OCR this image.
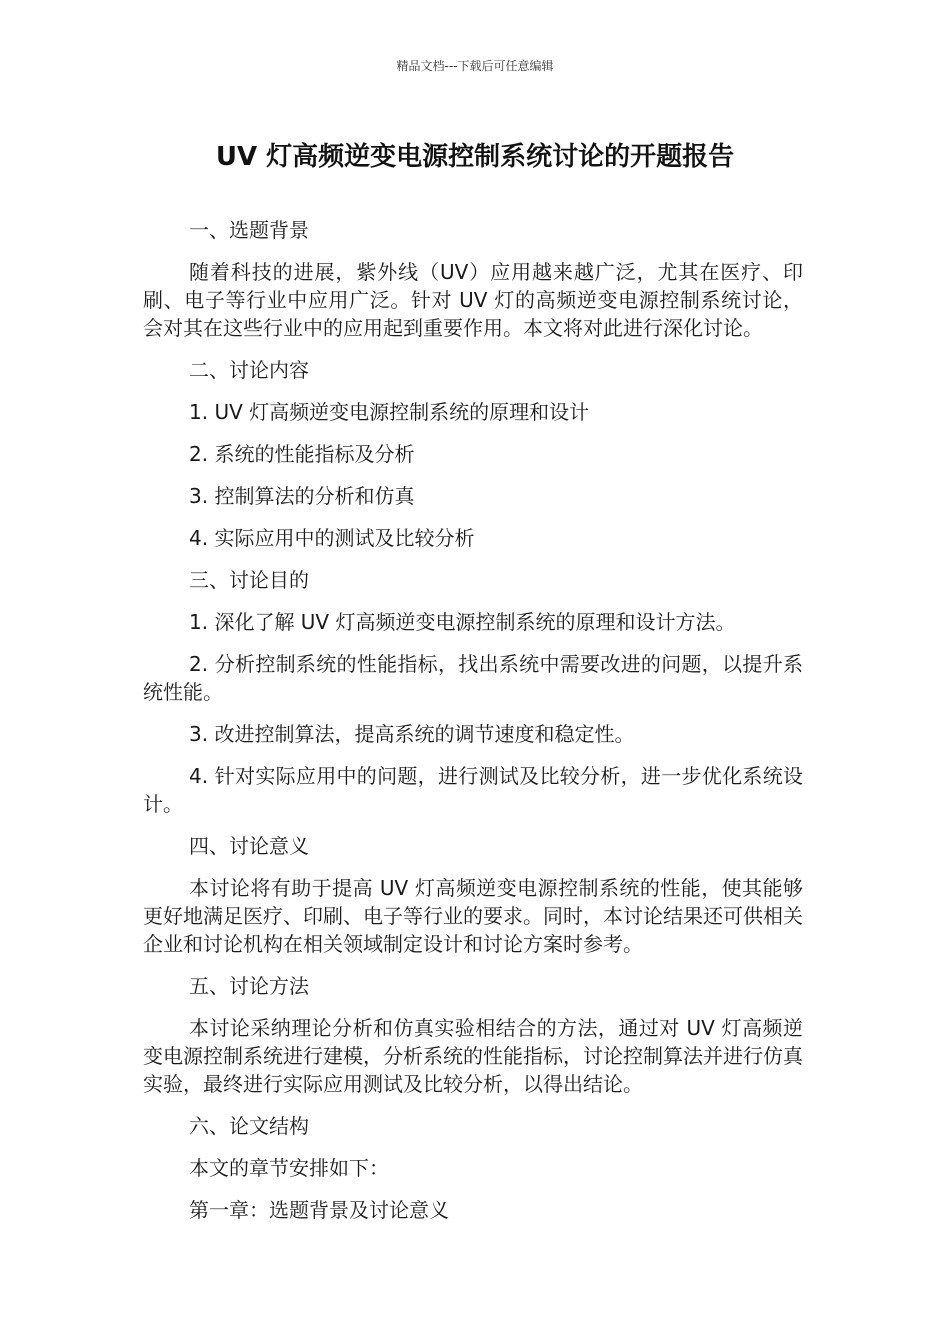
精品文档---下载后可任意编辑
UV 灯高频逆变电源控制系统讨论的开题报告

一、选题背景

随着科技的进展，紫外线（UV）应用越来越广泛，尤其在医疗、印刷、电子等行业中应用广泛。针对 UV 灯的高频逆变电源控制系统讨论，会对其在这些行业中的应用起到重要作用。本文将对此进行深化讨论。

二、讨论内容

1. UV 灯高频逆变电源控制系统的原理和设计

2. 系统的性能指标及分析

3. 控制算法的分析和仿真

4. 实际应用中的测试及比较分析

三、讨论目的

1. 深化了解 UV 灯高频逆变电源控制系统的原理和设计方法。

2. 分析控制系统的性能指标，找出系统中需要改进的问题，以提升系统性能。

3. 改进控制算法，提高系统的调节速度和稳定性。

4. 针对实际应用中的问题，进行测试及比较分析，进一步优化系统设计。

四、讨论意义

本讨论将有助于提高 UV 灯高频逆变电源控制系统的性能，使其能够更好地满足医疗、印刷、电子等行业的要求。同时，本讨论结果还可供相关企业和讨论机构在相关领域制定设计和讨论方案时参考。

五、讨论方法

本讨论采纳理论分析和仿真实验相结合的方法，通过对 UV 灯高频逆变电源控制系统进行建模，分析系统的性能指标，讨论控制算法并进行仿真实验，最终进行实际应用测试及比较分析，以得出结论。

六、论文结构

本文的章节安排如下：

第一章：选题背景及讨论意义
